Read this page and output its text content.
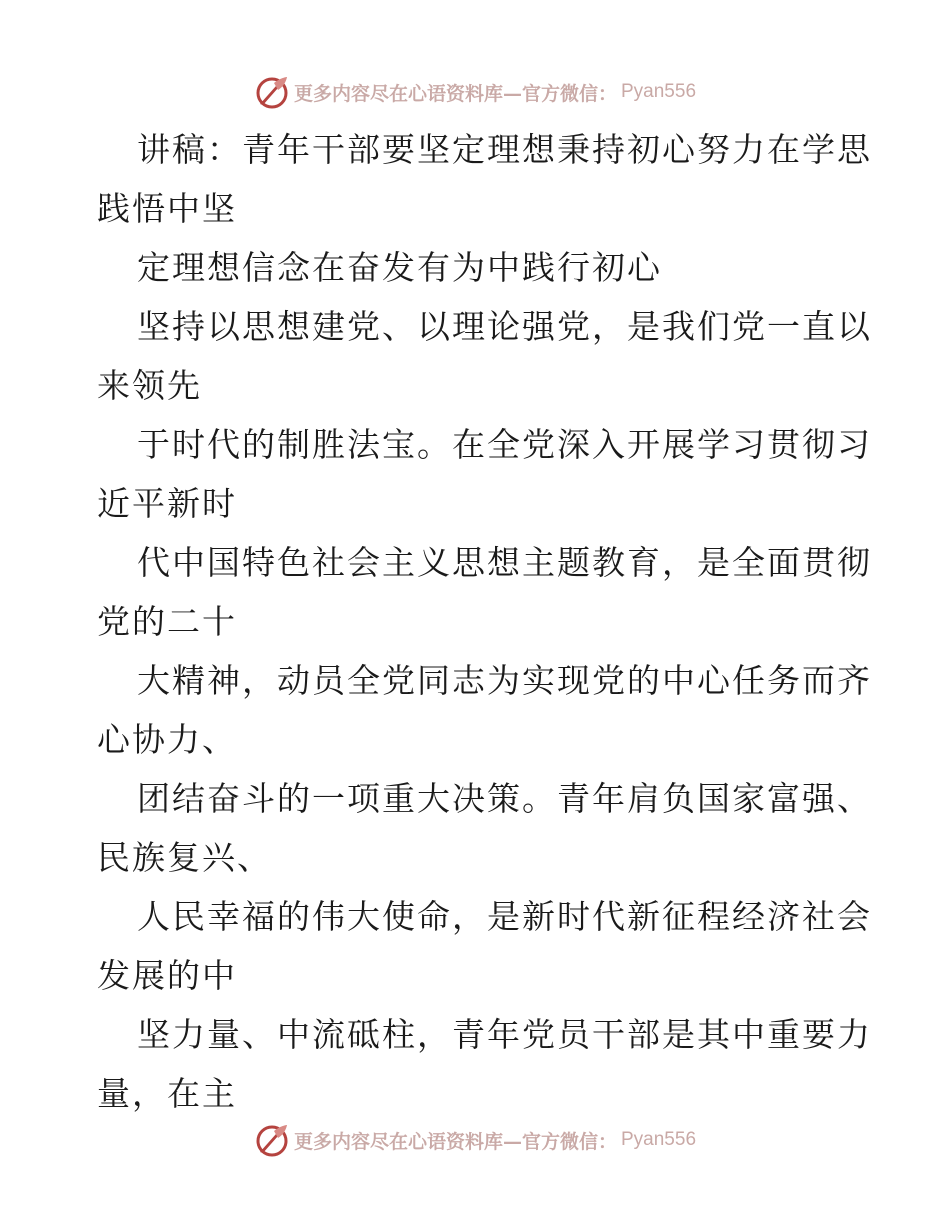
更多内容尽在心语资料库—官方微信： Pyan556
讲稿：青年干部要坚定理想秉持初心努力在学思
践悟中坚
定理想信念在奋发有为中践行初心
坚持以思想建党、以理论强党，是我们党一直以
来领先
于时代的制胜法宝。在全党深入开展学习贯彻习
近平新时
代中国特色社会主义思想主题教育，是全面贯彻
党的二十
大精神，动员全党同志为实现党的中心任务而齐
心协力、
团结奋斗的一项重大决策。青年肩负国家富强、
民族复兴、
人民幸福的伟大使命，是新时代新征程经济社会
发展的中
坚力量、中流砥柱，青年党员干部是其中重要力
量，在主
更多内容尽在心语资料库—官方微信： Pyan556
